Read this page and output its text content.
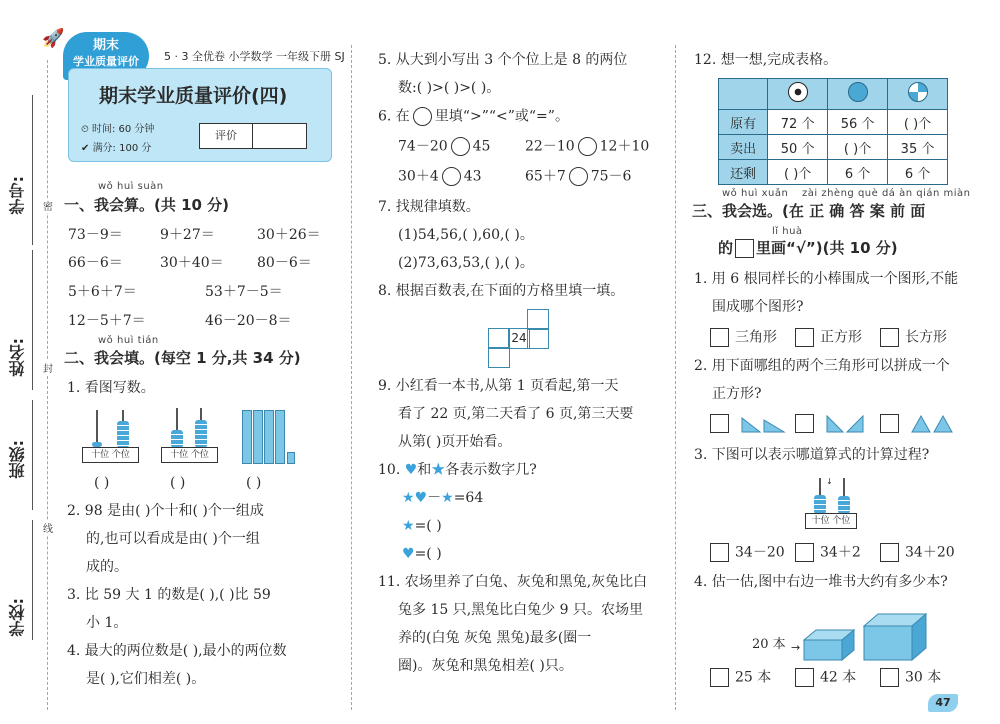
🚀
学号:
姓名:
班级:
学校:
密
封
线
期末
学业质量评价	5 · 3 全优卷 小学数学 一年级下册 SJ
期末学业质量评价(四)
⏲ 时间: 60 分钟
✔ 满分: 100 分
评价
wǒ huì suàn
一、我会算。(共 10 分)
73－9＝	9＋27＝	30＋26＝
66－6＝	30＋40＝ 80－6＝
5＋6＋7＝	53＋7－5＝
12－5＋7＝	46－20－8＝
wǒ huì tián
二、我会填。(每空 1 分,共 34 分)
1. 看图写数。
十位 个位	十位 个位
( )	( )	( )
2. 98 是由( )个十和( )个一组成
的,也可以看成是由( )个一组
成的。
3. 比 59 大 1 的数是( ),( )比 59
小 1。
4. 最大的两位数是( ),最小的两位数
是( ),它们相差( )。
5. 从大到小写出 3 个个位上是 8 的两位
数:( )>( )>( )。
6. 在 里填“>”“<”或“=”。
74－20 45 22－10 12＋10
30＋4 43	65＋7 75－6
7. 找规律填数。
(1)54,56,( ),60,( )。
(2)73,63,53,( ),( )。
8. 根据百数表,在下面的方格里填一填。
24
9. 小红看一本书,从第 1 页看起,第一天
看了 22 页,第二天看了 6 页,第三天要
从第( )页开始看。
10. ♥和★各表示数字几?
★♥－★=64
★=( )
♥=( )
11. 农场里养了白兔、灰兔和黑兔,灰兔比白
兔多 15 只,黑兔比白兔少 9 只。农场里
养的(白兔 灰兔 黑兔)最多(圈一
圈)。灰兔和黑兔相差( )只。
12. 想一想,完成表格。

原有	72 个	56 个	( )个
卖出	50 个	( )个	35 个
还剩	( )个	6 个	6 个
wǒ huì xuǎn zài zhèng què dá àn qián miàn
三、我会选。(在 正 确 答 案 前 面
lǐ huà
的 里画“√”)(共 10 分)
1. 用 6 根同样长的小棒围成一个图形,不能
围成哪个图形?
三角形	正方形	长方形
2. 用下面哪组的两个三角形可以拼成一个
正方形?

3. 下图可以表示哪道算式的计算过程?
↓
十位 个位
34－20	34＋2	34＋20
4. 估一估,图中右边一堆书大约有多少本?
20 本 →
25 本	42 本	30 本
47
